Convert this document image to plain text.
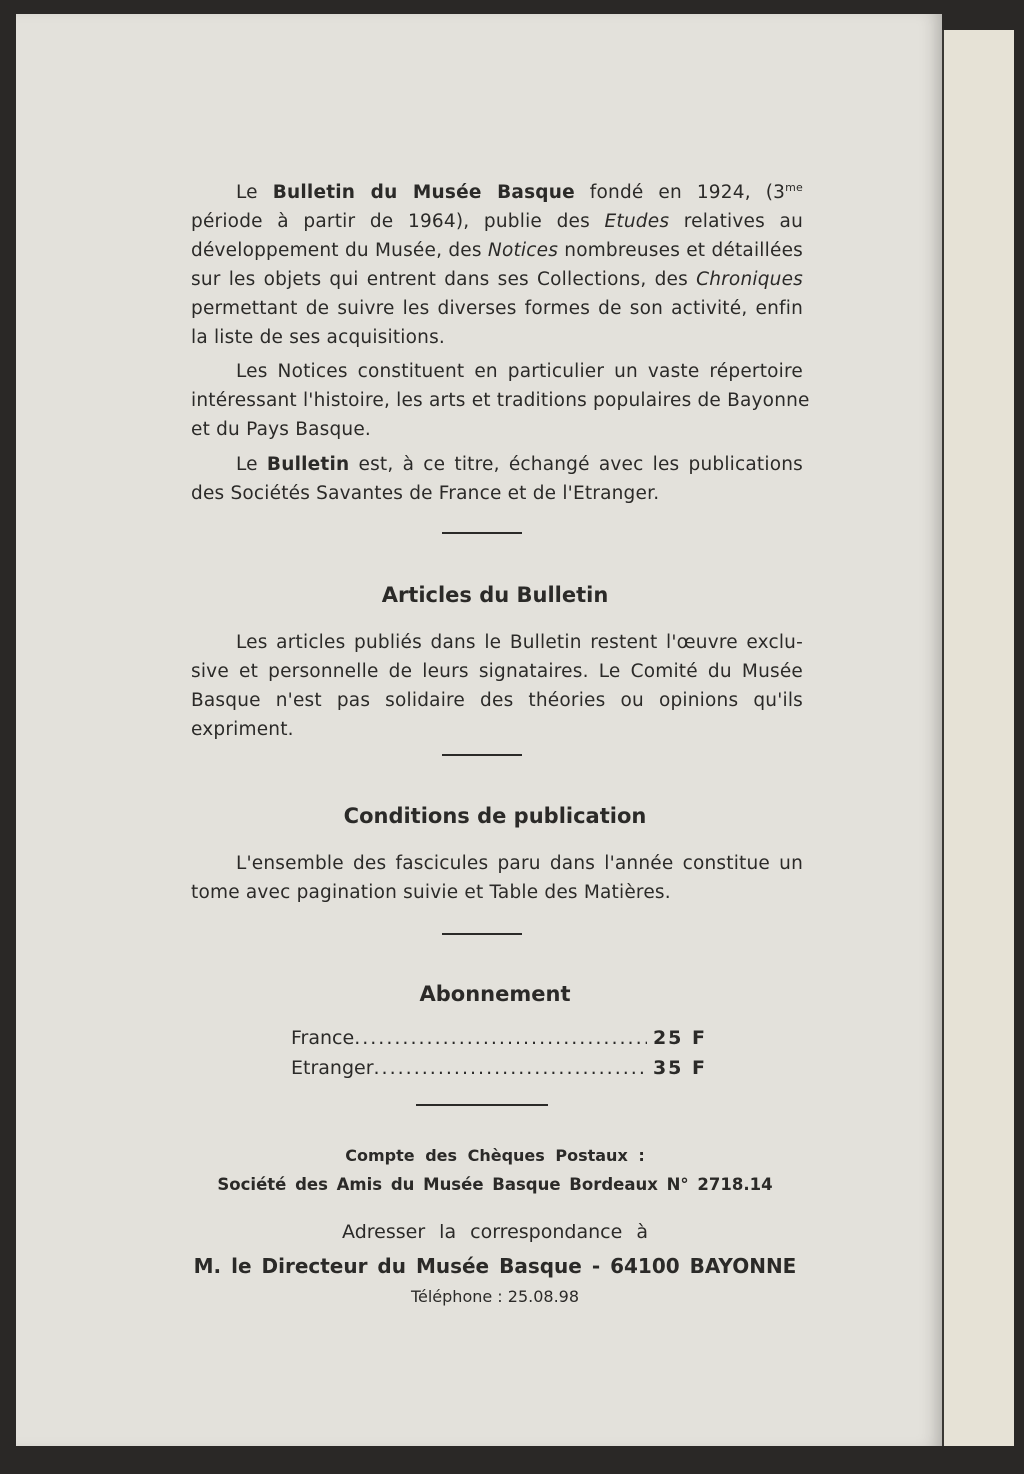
Le Bulletin du Musée Basque fondé en 1924, ($3^{me}$
période à partir de 1964), publie des Etudes relatives au
développement du Musée, des Notices nombreuses et détaillées
sur les objets qui entrent dans ses Collections, des Chroniques
permettant de suivre les diverses formes de son activité, enfin
la liste de ses acquisitions.
Les Notices constituent en particulier un vaste répertoire
intéressant l'histoire, les arts et traditions populaires de Bayonne
et du Pays Basque.
Le Bulletin est, à ce titre, échangé avec les publications
des Sociétés Savantes de France et de l'Etranger.
Articles du Bulletin
Les articles publiés dans le Bulletin restent l'œuvre exclu-
sive et personnelle de leurs signataires. Le Comité du Musée
Basque n'est pas solidaire des théories ou opinions qu'ils
expriment.
Conditions de publication
L'ensemble des fascicules paru dans l'année constitue un
tome avec pagination suivie et Table des Matières.
Abonnement
France .....	25 F
Etranger .....	35 F
Compte des Chèques Postaux :
Société des Amis du Musée Basque Bordeaux N° 2718.14
Adresser la correspondance à
M. le Directeur du Musée Basque - 64100 BAYONNE
Téléphone : 25.08.98
